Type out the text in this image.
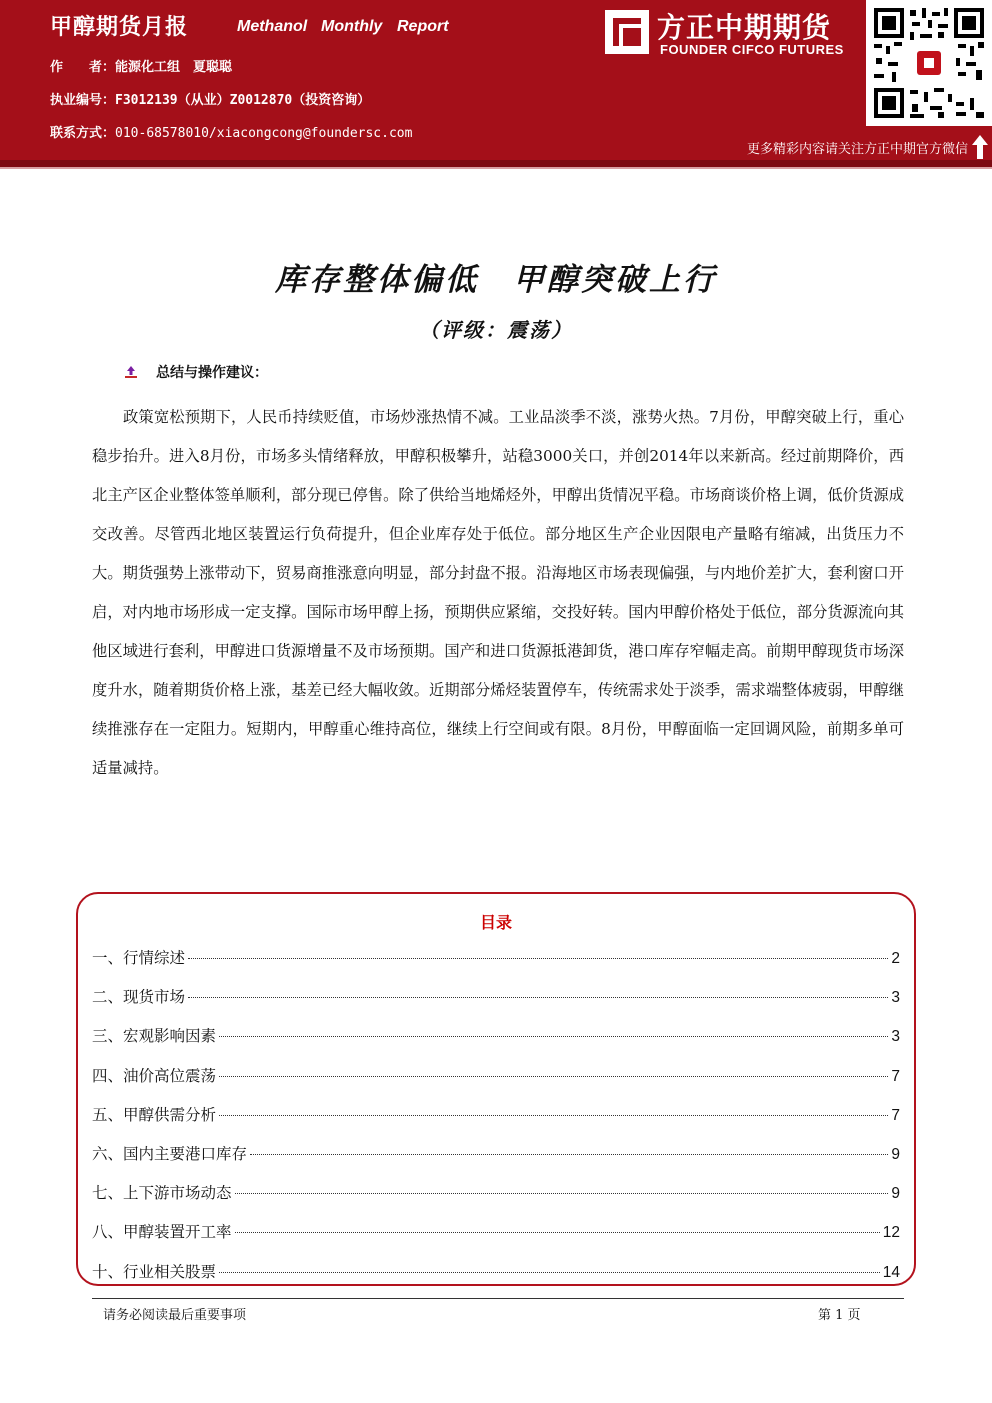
甲醇期货月报	Methanol Monthly Report
作　　者：能源化工组　夏聪聪
执业编号：F3012139（从业）Z0012870（投资咨询）
联系方式：010-68578010/xiacongcong@foundersc.com
方正中期期货
FOUNDER CIFCO FUTURES
更多精彩内容请关注方正中期官方微信
库存整体偏低　甲醇突破上行
（评级：震荡）
总结与操作建议：

政策宽松预期下，人民币持续贬值，市场炒涨热情不减。工业品淡季不淡，涨势火热。7月份，甲醇突破上行，重心稳步抬升。进入8月份，市场多头情绪释放，甲醇积极攀升，站稳3000关口，并创2014年以来新高。经过前期降价，西北主产区企业整体签单顺利，部分现已停售。除了供给当地烯烃外，甲醇出货情况平稳。市场商谈价格上调，低价货源成交改善。尽管西北地区装置运行负荷提升，但企业库存处于低位。部分地区生产企业因限电产量略有缩减，出货压力不大。期货强势上涨带动下，贸易商推涨意向明显，部分封盘不报。沿海地区市场表现偏强，与内地价差扩大，套利窗口开启，对内地市场形成一定支撑。国际市场甲醇上扬，预期供应紧缩，交投好转。国内甲醇价格处于低位，部分货源流向其他区域进行套利，甲醇进口货源增量不及市场预期。国产和进口货源抵港卸货，港口库存窄幅走高。前期甲醇现货市场深度升水，随着期货价格上涨，基差已经大幅收敛。近期部分烯烃装置停车，传统需求处于淡季，需求端整体疲弱，甲醇继续推涨存在一定阻力。短期内，甲醇重心维持高位，继续上行空间或有限。8月份，甲醇面临一定回调风险，前期多单可适量减持。

目录
一、行情综述	2
二、现货市场	3
三、宏观影响因素	3
四、油价高位震荡	7
五、甲醇供需分析	7
六、国内主要港口库存	9
七、上下游市场动态	9
八、甲醇装置开工率	12
十、行业相关股票	14
请务必阅读最后重要事项	第 1 页
